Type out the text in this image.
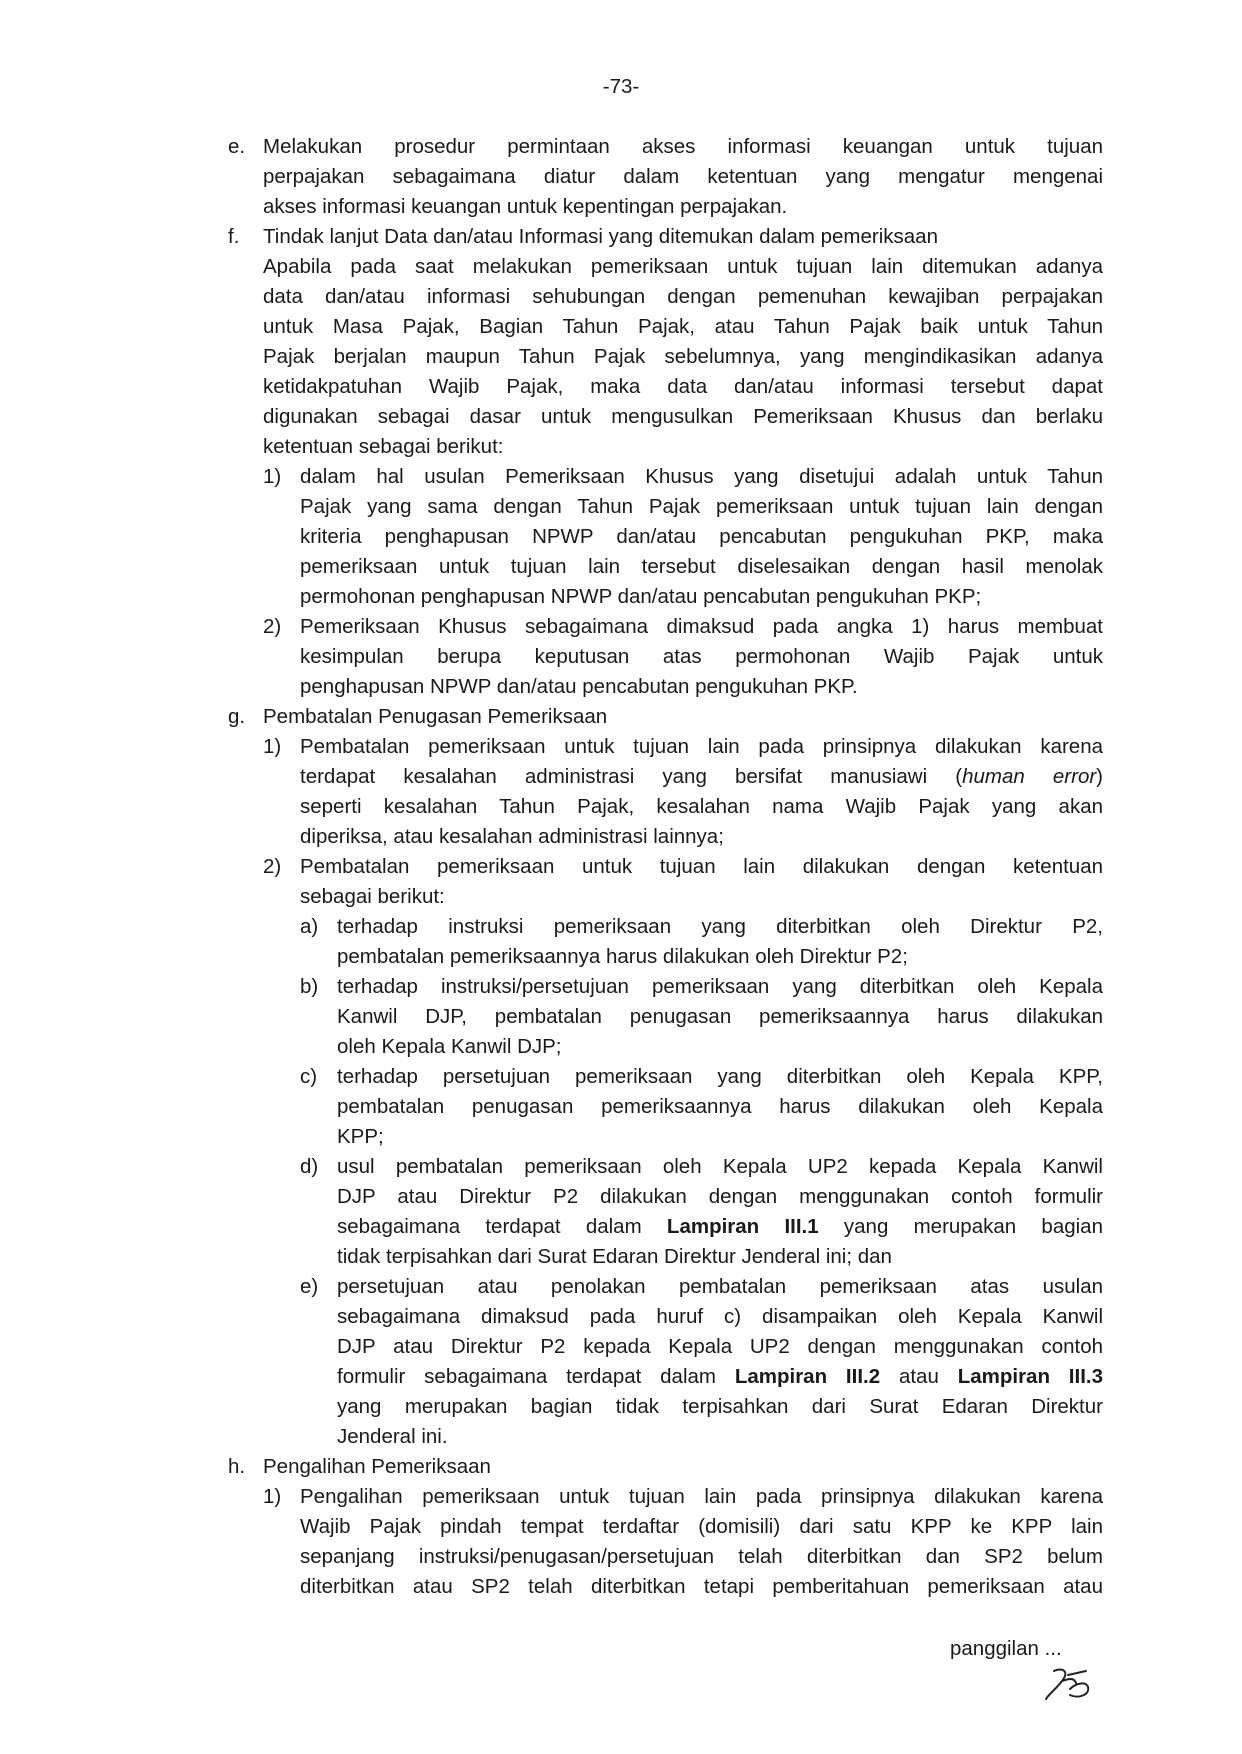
-73-
e. Melakukan prosedur permintaan akses informasi keuangan untuk tujuan
perpajakan sebagaimana diatur dalam ketentuan yang mengatur mengenai
akses informasi keuangan untuk kepentingan perpajakan.
f. Tindak lanjut Data dan/atau Informasi yang ditemukan dalam pemeriksaan
Apabila pada saat melakukan pemeriksaan untuk tujuan lain ditemukan adanya
data dan/atau informasi sehubungan dengan pemenuhan kewajiban perpajakan
untuk Masa Pajak, Bagian Tahun Pajak, atau Tahun Pajak baik untuk Tahun
Pajak berjalan maupun Tahun Pajak sebelumnya, yang mengindikasikan adanya
ketidakpatuhan Wajib Pajak, maka data dan/atau informasi tersebut dapat
digunakan sebagai dasar untuk mengusulkan Pemeriksaan Khusus dan berlaku
ketentuan sebagai berikut:
1) dalam hal usulan Pemeriksaan Khusus yang disetujui adalah untuk Tahun
Pajak yang sama dengan Tahun Pajak pemeriksaan untuk tujuan lain dengan
kriteria penghapusan NPWP dan/atau pencabutan pengukuhan PKP, maka
pemeriksaan untuk tujuan lain tersebut diselesaikan dengan hasil menolak
permohonan penghapusan NPWP dan/atau pencabutan pengukuhan PKP;
2) Pemeriksaan Khusus sebagaimana dimaksud pada angka 1) harus membuat
kesimpulan berupa keputusan atas permohonan Wajib Pajak untuk
penghapusan NPWP dan/atau pencabutan pengukuhan PKP.
g. Pembatalan Penugasan Pemeriksaan
1) Pembatalan pemeriksaan untuk tujuan lain pada prinsipnya dilakukan karena
terdapat kesalahan administrasi yang bersifat manusiawi (human error)
seperti kesalahan Tahun Pajak, kesalahan nama Wajib Pajak yang akan
diperiksa, atau kesalahan administrasi lainnya;
2) Pembatalan pemeriksaan untuk tujuan lain dilakukan dengan ketentuan
sebagai berikut:
a) terhadap instruksi pemeriksaan yang diterbitkan oleh Direktur P2,
pembatalan pemeriksaannya harus dilakukan oleh Direktur P2;
b) terhadap instruksi/persetujuan pemeriksaan yang diterbitkan oleh Kepala
Kanwil DJP, pembatalan penugasan pemeriksaannya harus dilakukan
oleh Kepala Kanwil DJP;
c) terhadap persetujuan pemeriksaan yang diterbitkan oleh Kepala KPP,
pembatalan penugasan pemeriksaannya harus dilakukan oleh Kepala
KPP;
d) usul pembatalan pemeriksaan oleh Kepala UP2 kepada Kepala Kanwil
DJP atau Direktur P2 dilakukan dengan menggunakan contoh formulir
sebagaimana terdapat dalam Lampiran III.1 yang merupakan bagian
tidak terpisahkan dari Surat Edaran Direktur Jenderal ini; dan
e) persetujuan atau penolakan pembatalan pemeriksaan atas usulan
sebagaimana dimaksud pada huruf c) disampaikan oleh Kepala Kanwil
DJP atau Direktur P2 kepada Kepala UP2 dengan menggunakan contoh
formulir sebagaimana terdapat dalam Lampiran III.2 atau Lampiran III.3
yang merupakan bagian tidak terpisahkan dari Surat Edaran Direktur
Jenderal ini.
h. Pengalihan Pemeriksaan
1) Pengalihan pemeriksaan untuk tujuan lain pada prinsipnya dilakukan karena
Wajib Pajak pindah tempat terdaftar (domisili) dari satu KPP ke KPP lain
sepanjang instruksi/penugasan/persetujuan telah diterbitkan dan SP2 belum
diterbitkan atau SP2 telah diterbitkan tetapi pemberitahuan pemeriksaan atau
panggilan ...
